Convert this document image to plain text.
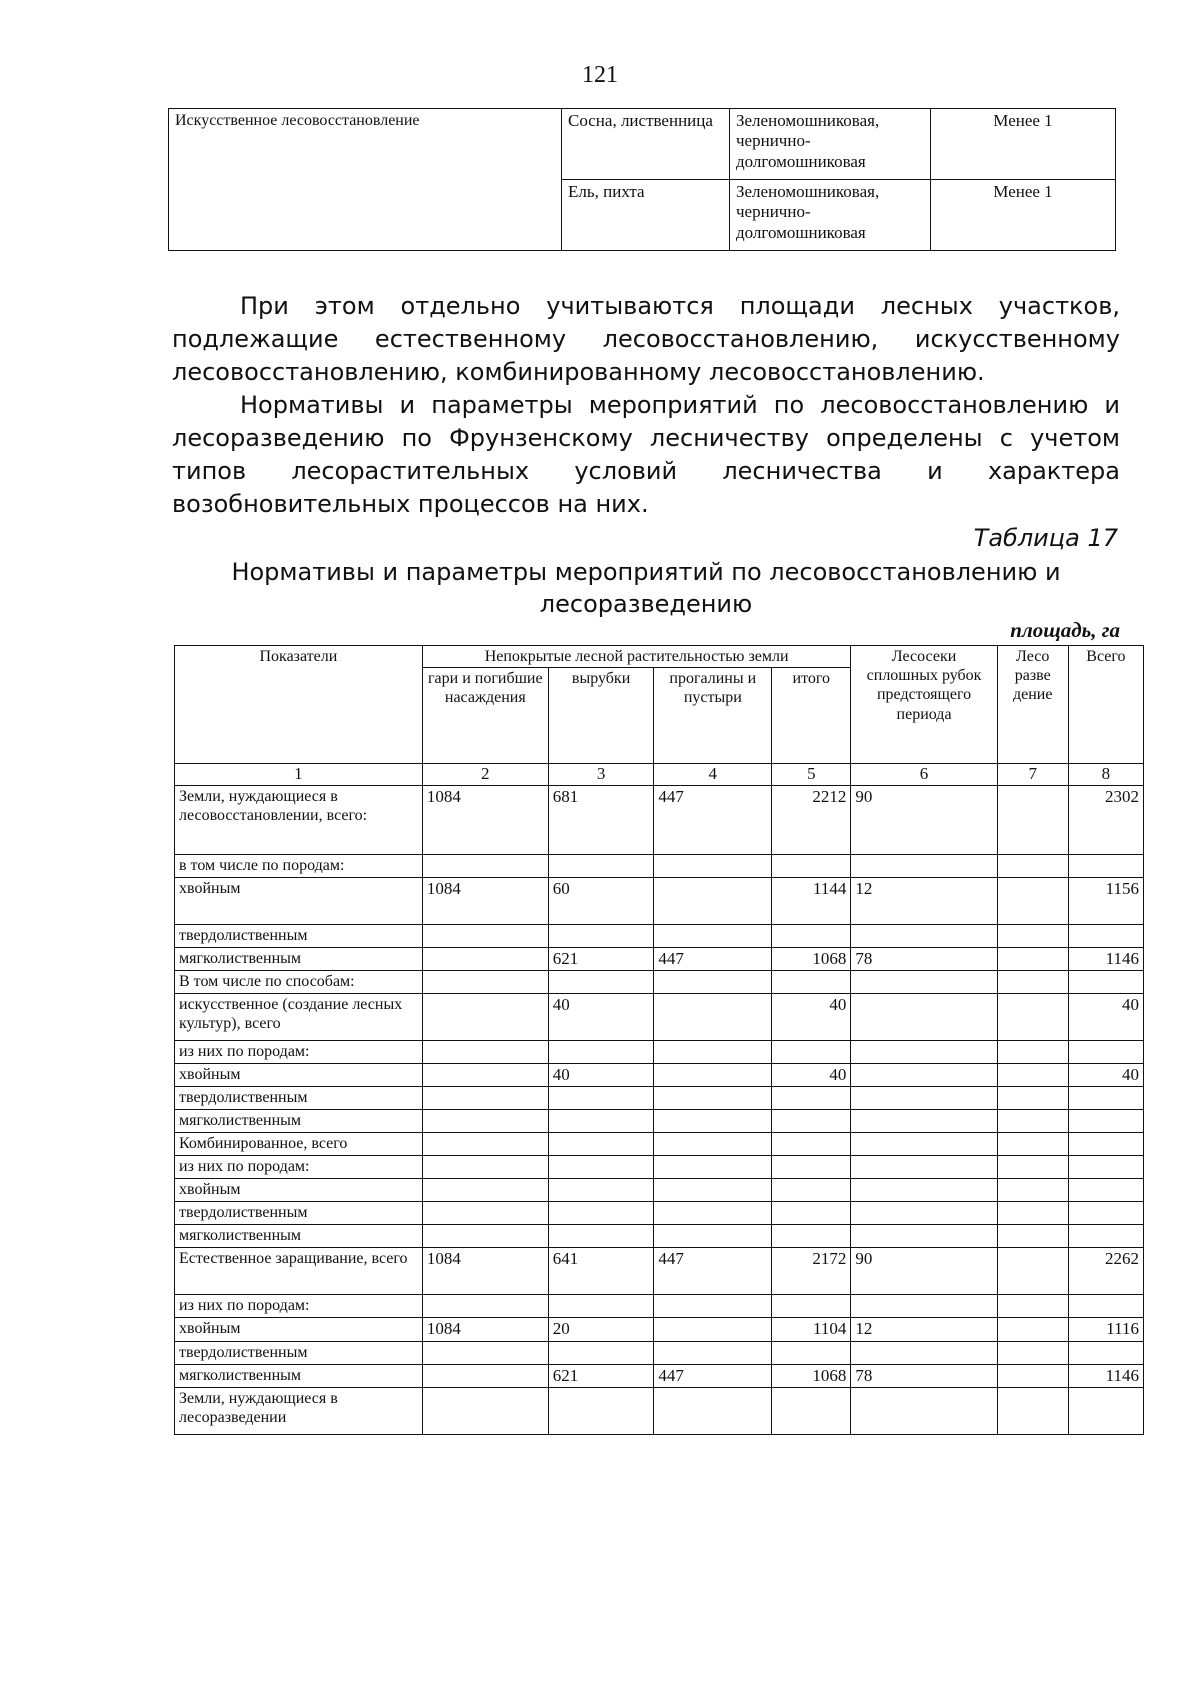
121
Искусственное лесовосстановление	Сосна, лиственница	Зеленомошниковая, чернично-долгомошниковая	Менее 1
	Ель, пихта	Зеленомошниковая, чернично-долгомошниковая	Менее 1

При этом отдельно учитываются площади лесных участков, подлежащие естественному лесовосстановлению, искусственному лесовосстановлению, комбинированному лесовосстановлению.

Нормативы и параметры мероприятий по лесовосстановлению и лесоразведению по Фрунзенскому лесничеству определены с учетом типов лесорастительных условий лесничества и характера возобновительных процессов на них.

Таблица 17
Нормативы и параметры мероприятий по лесовосстановлению и лесоразведению
площадь, га
Показатели	Непокрытые лесной растительностью земли				Лесосеки сплошных рубок предстоящего периода	Лесо разве дение	Всего
	гари и погибшие насаждения	вырубки	прогалины и пустыри	итого			
1	2	3	4	5	6	7	8
Земли, нуждающиеся в лесовосстановлении, всего:	1084	681	447	2212	90		2302
в том числе по породам:							
хвойным	1084	60		1144	12		1156
твердолиственным							
мягколиственным		621	447	1068	78		1146
В том числе по способам:							
искусственное (создание лесных культур), всего		40		40			40
из них по породам:							
хвойным		40		40			40
твердолиственным							
мягколиственным							
Комбинированное, всего							
из них по породам:							
хвойным							
твердолиственным							
мягколиственным							
Естественное заращивание, всего	1084	641	447	2172	90		2262
из них по породам:							
хвойным	1084	20		1104	12		1116
твердолиственным							
мягколиственным		621	447	1068	78		1146
Земли, нуждающиеся в лесоразведении							
